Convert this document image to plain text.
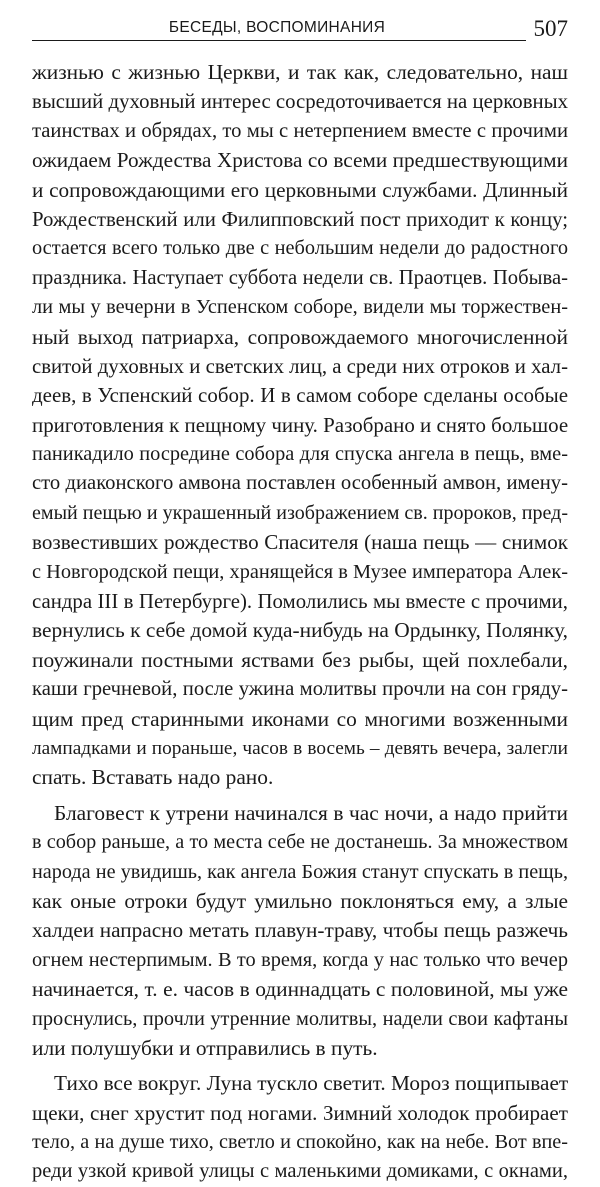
БЕСЕДЫ, ВОСПОМИНАНИЯ	507
жизнью с жизнью Церкви, и так как, следовательно, наш
высший духовный интерес сосредоточивается на церковных
таинствах и обрядах, то мы с нетерпением вместе с прочими
ожидаем Рождества Христова со всеми предшествующими
и сопровождающими его церковными службами. Длинный
Рождественский или Филипповский пост приходит к концу;
остается всего только две с небольшим недели до радостного
праздника. Наступает суббота недели св. Праотцев. Побыва-
ли мы у вечерни в Успенском соборе, видели мы торжествен-
ный выход патриарха, сопровождаемого многочисленной
свитой духовных и светских лиц, а среди них отроков и хал-
деев, в Успенский собор. И в самом соборе сделаны особые
приготовления к пещному чину. Разобрано и снято большое
паникадило посредине собора для спуска ангела в пещь, вме-
сто диаконского амвона поставлен особенный амвон, имену-
емый пещью и украшенный изображением св. пророков, пред-
возвестивших рождество Спасителя (наша пещь — снимок
с Новгородской пещи, хранящейся в Музее императора Алек-
сандра III в Петербурге). Помолились мы вместе с прочими,
вернулись к себе домой куда-нибудь на Ордынку, Полянку,
поужинали постными яствами без рыбы, щей похлебали,
каши гречневой, после ужина молитвы прочли на сон гряду-
щим пред старинными иконами со многими возженными
лампадками и пораньше, часов в восемь – девять вечера, залегли
спать. Вставать надо рано.
Благовест к утрени начинался в час ночи, а надо прийти
в собор раньше, а то места себе не достанешь. За множеством
народа не увидишь, как ангела Божия станут спускать в пещь,
как оные отроки будут умильно поклоняться ему, а злые
халдеи напрасно метать плавун-траву, чтобы пещь разжечь
огнем нестерпимым. В то время, когда у нас только что вечер
начинается, т. е. часов в одиннадцать с половиной, мы уже
проснулись, прочли утренние молитвы, надели свои кафтаны
или полушубки и отправились в путь.
Тихо все вокруг. Луна тускло светит. Мороз пощипывает
щеки, снег хрустит под ногами. Зимний холодок пробирает
тело, а на душе тихо, светло и спокойно, как на небе. Вот впе-
реди узкой кривой улицы с маленькими домиками, с окнами,
